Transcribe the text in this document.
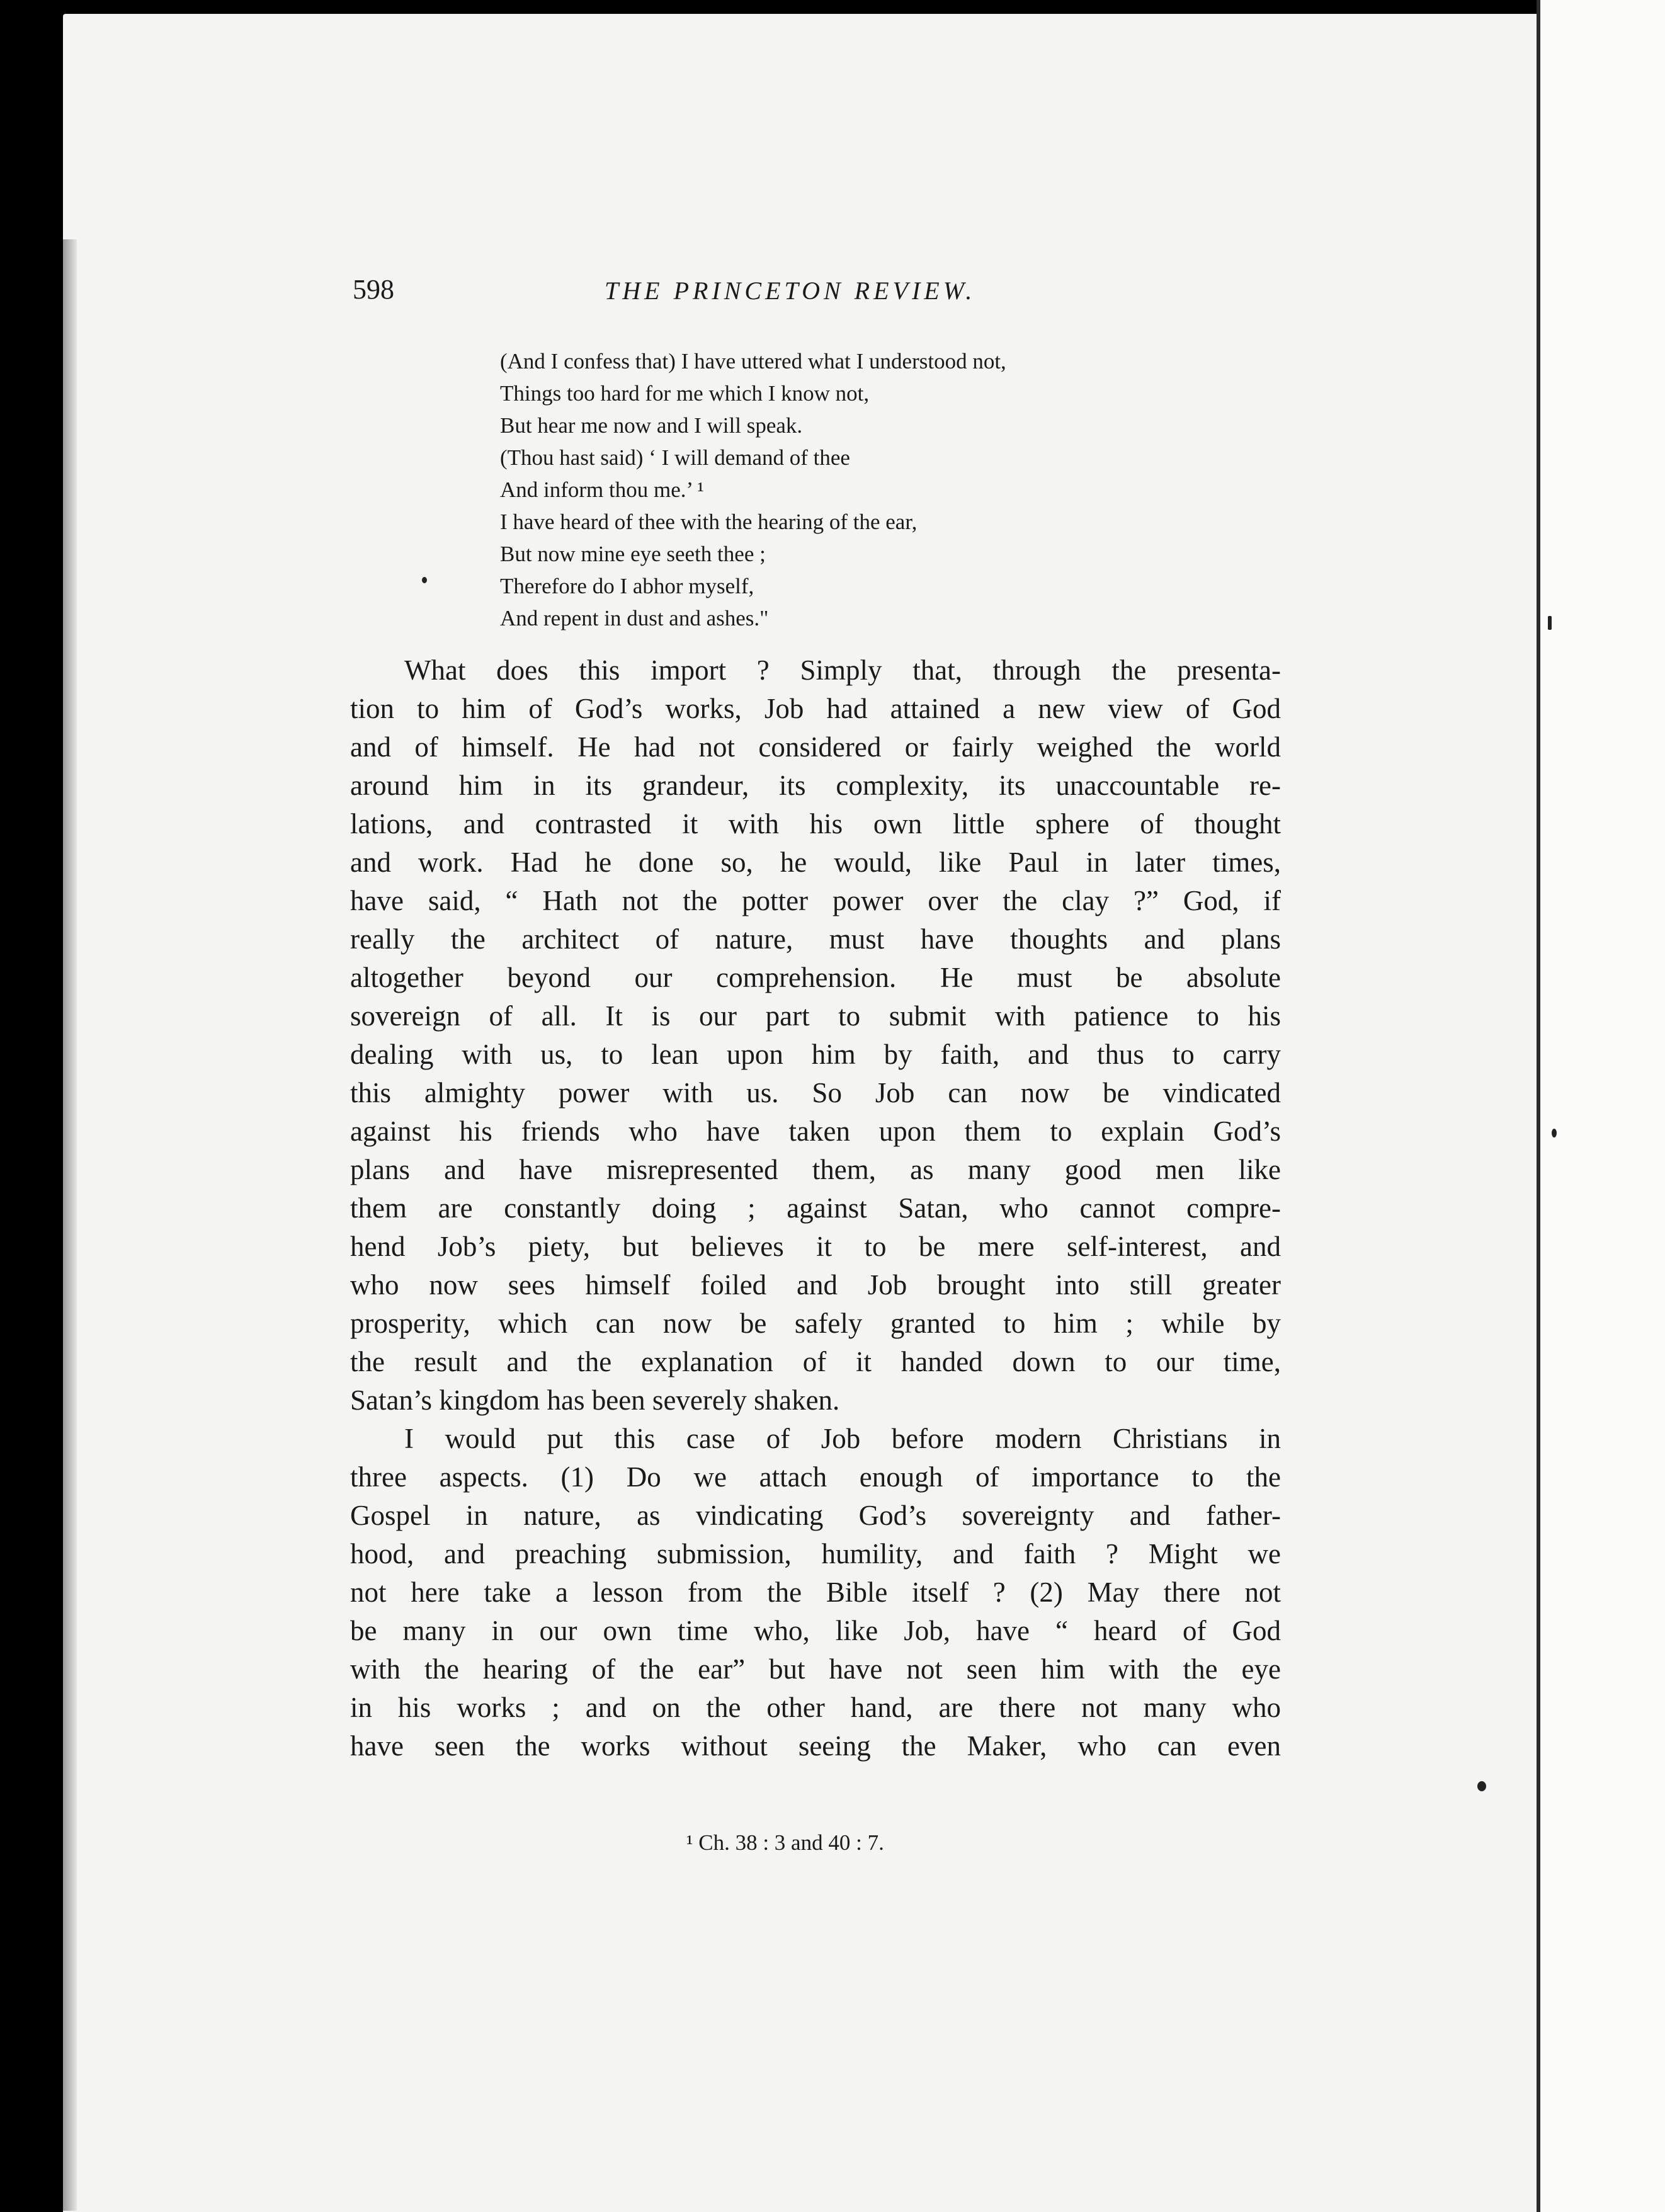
598	THE PRINCETON REVIEW.
(And I confess that) I have uttered what I understood not,
Things too hard for me which I know not,
But hear me now and I will speak.
(Thou hast said) ‘ I will demand of thee
And inform thou me.’ ¹
I have heard of thee with the hearing of the ear,
But now mine eye seeth thee ;
Therefore do I abhor myself,
And repent in dust and ashes."
What does this import ? Simply that, through the presenta-
tion to him of God’s works, Job had attained a new view of God
and of himself. He had not considered or fairly weighed the world
around him in its grandeur, its complexity, its unaccountable re-
lations, and contrasted it with his own little sphere of thought
and work. Had he done so, he would, like Paul in later times,
have said, “ Hath not the potter power over the clay ?” God, if
really the architect of nature, must have thoughts and plans
altogether beyond our comprehension. He must be absolute
sovereign of all. It is our part to submit with patience to his
dealing with us, to lean upon him by faith, and thus to carry
this almighty power with us. So Job can now be vindicated
against his friends who have taken upon them to explain God’s
plans and have misrepresented them, as many good men like
them are constantly doing ; against Satan, who cannot compre-
hend Job’s piety, but believes it to be mere self-interest, and
who now sees himself foiled and Job brought into still greater
prosperity, which can now be safely granted to him ; while by
the result and the explanation of it handed down to our time,
Satan’s kingdom has been severely shaken.
I would put this case of Job before modern Christians in
three aspects. (1) Do we attach enough of importance to the
Gospel in nature, as vindicating God’s sovereignty and father-
hood, and preaching submission, humility, and faith ? Might we
not here take a lesson from the Bible itself ? (2) May there not
be many in our own time who, like Job, have “ heard of God
with the hearing of the ear” but have not seen him with the eye
in his works ; and on the other hand, are there not many who
have seen the works without seeing the Maker, who can even
¹ Ch. 38 : 3 and 40 : 7.
